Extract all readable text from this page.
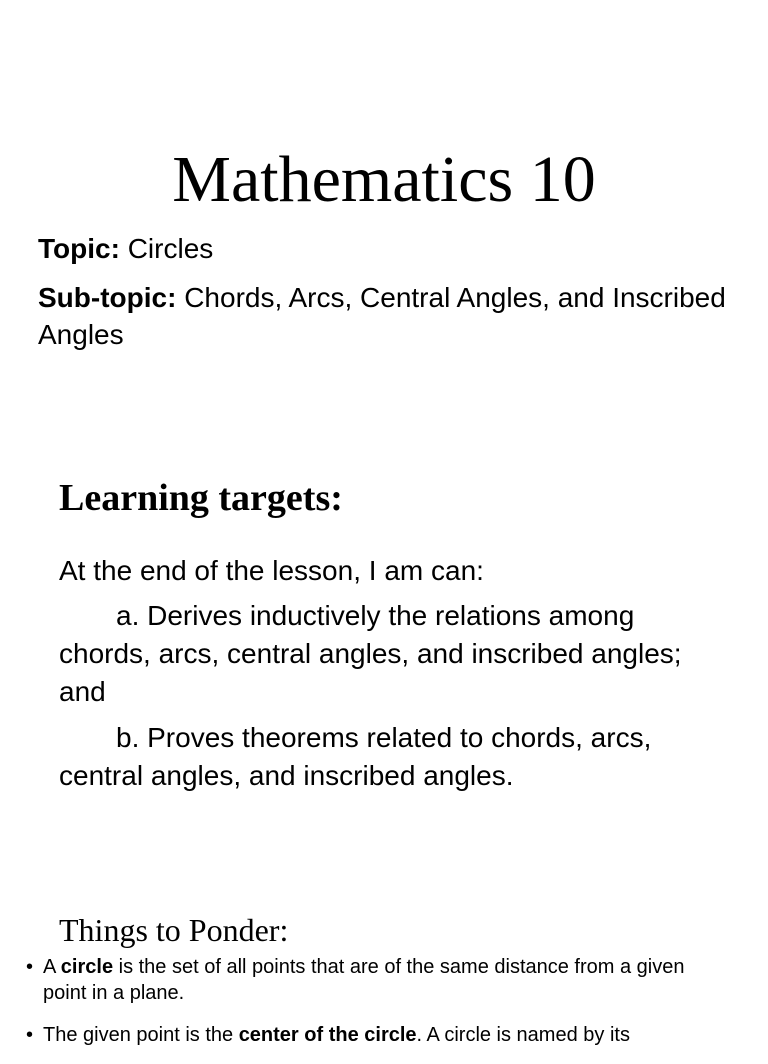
Mathematics 10

Topic: Circles

Sub-topic: Chords, Arcs, Central Angles, and Inscribed Angles

Learning targets:

At the end of the lesson, I am can:

a. Derives inductively the relations among chords, arcs, central angles, and inscribed angles; and

b. Proves theorems related to chords, arcs, central angles, and inscribed angles.

Things to Ponder:
• A circle is the set of all points that are of the same distance from a given point in a plane.
• The given point is the center of the circle. A circle is named by its
